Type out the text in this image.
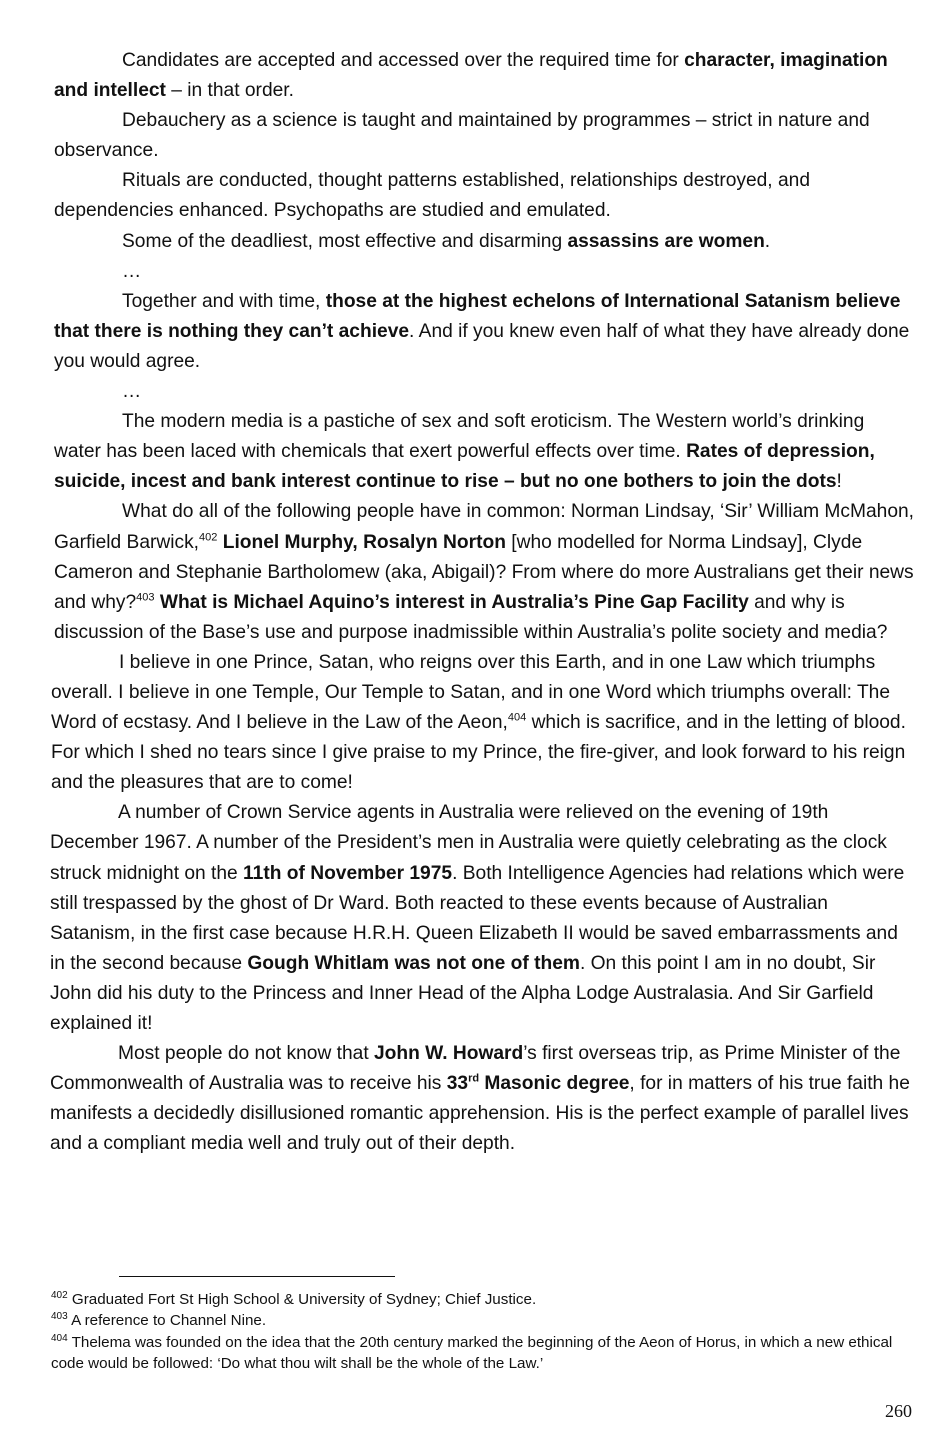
Candidates are accepted and accessed over the required time for character, imagination and intellect – in that order.

Debauchery as a science is taught and maintained by programmes – strict in nature and observance.

Rituals are conducted, thought patterns established, relationships destroyed, and dependencies enhanced. Psychopaths are studied and emulated.

Some of the deadliest, most effective and disarming assassins are women.

…

Together and with time, those at the highest echelons of International Satanism believe that there is nothing they can’t achieve. And if you knew even half of what they have already done you would agree.

…

The modern media is a pastiche of sex and soft eroticism. The Western world’s drinking water has been laced with chemicals that exert powerful effects over time. Rates of depression, suicide, incest and bank interest continue to rise – but no one bothers to join the dots!

What do all of the following people have in common: Norman Lindsay, ‘Sir’ William McMahon, Garfield Barwick,$^{402}$ Lionel Murphy, Rosalyn Norton [who modelled for Norma Lindsay], Clyde Cameron and Stephanie Bartholomew (aka, Abigail)? From where do more Australians get their news and why?$^{403}$ What is Michael Aquino’s interest in Australia’s Pine Gap Facility and why is discussion of the Base’s use and purpose inadmissible within Australia’s polite society and media?

I believe in one Prince, Satan, who reigns over this Earth, and in one Law which triumphs overall. I believe in one Temple, Our Temple to Satan, and in one Word which triumphs overall: The Word of ecstasy. And I believe in the Law of the Aeon,$^{404}$ which is sacrifice, and in the letting of blood. For which I shed no tears since I give praise to my Prince, the fire-giver, and look forward to his reign and the pleasures that are to come!

A number of Crown Service agents in Australia were relieved on the evening of 19th December 1967. A number of the President’s men in Australia were quietly celebrating as the clock struck midnight on the 11th of November 1975. Both Intelligence Agencies had relations which were still trespassed by the ghost of Dr Ward. Both reacted to these events because of Australian Satanism, in the first case because H.R.H. Queen Elizabeth II would be saved embarrassments and in the second because Gough Whitlam was not one of them. On this point I am in no doubt, Sir John did his duty to the Princess and Inner Head of the Alpha Lodge Australasia. And Sir Garfield explained it!

Most people do not know that John W. Howard’s first overseas trip, as Prime Minister of the Commonwealth of Australia was to receive his 33rd Masonic degree, for in matters of his true faith he manifests a decidedly disillusioned romantic apprehension. His is the perfect example of parallel lives and a compliant media well and truly out of their depth.

$^{402}$ Graduated Fort St High School & University of Sydney; Chief Justice.

$^{403}$ A reference to Channel Nine.

$^{404}$ Thelema was founded on the idea that the 20th century marked the beginning of the Aeon of Horus, in which a new ethical code would be followed: ‘Do what thou wilt shall be the whole of the Law.’

260
